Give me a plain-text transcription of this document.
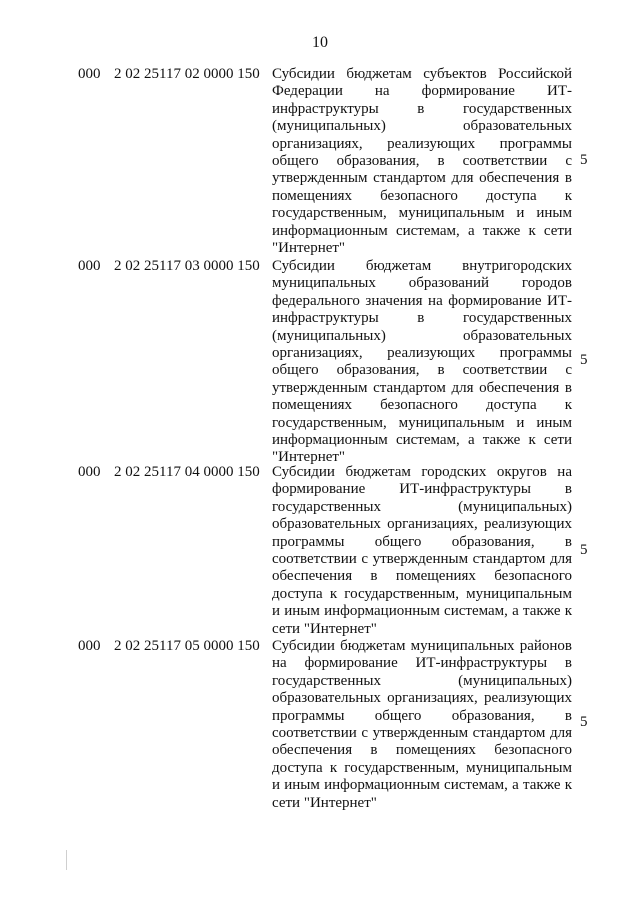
10
000 2 02 25117 02 0000 150 Субсидии бюджетам субъектов Российской Федерации на формирование ИТ-инфраструктуры в государственных (муниципальных) образовательных организациях, реализующих программы общего образования, в соответствии с утвержденным стандартом для обеспечения в помещениях безопасного доступа к государственным, муниципальным и иным информационным системам, а также к сети "Интернет"
5
000 2 02 25117 03 0000 150 Субсидии бюджетам внутригородских муниципальных образований городов федерального значения на формирование ИТ-инфраструктуры в государственных (муниципальных) образовательных организациях, реализующих программы общего образования, в соответствии с утвержденным стандартом для обеспечения в помещениях безопасного доступа к государственным, муниципальным и иным информационным системам, а также к сети "Интернет"
5
000 2 02 25117 04 0000 150 Субсидии бюджетам городских округов на формирование ИТ-инфраструктуры в государственных (муниципальных) образовательных организациях, реализующих программы общего образования, в соответствии с утвержденным стандартом для обеспечения в помещениях безопасного доступа к государственным, муниципальным и иным информационным системам, а также к сети "Интернет"
5
000 2 02 25117 05 0000 150 Субсидии бюджетам муниципальных районов на формирование ИТ-инфраструктуры в государственных (муниципальных) образовательных организациях, реализующих программы общего образования, в соответствии с утвержденным стандартом для обеспечения в помещениях безопасного доступа к государственным, муниципальным и иным информационным системам, а также к сети "Интернет"
5
